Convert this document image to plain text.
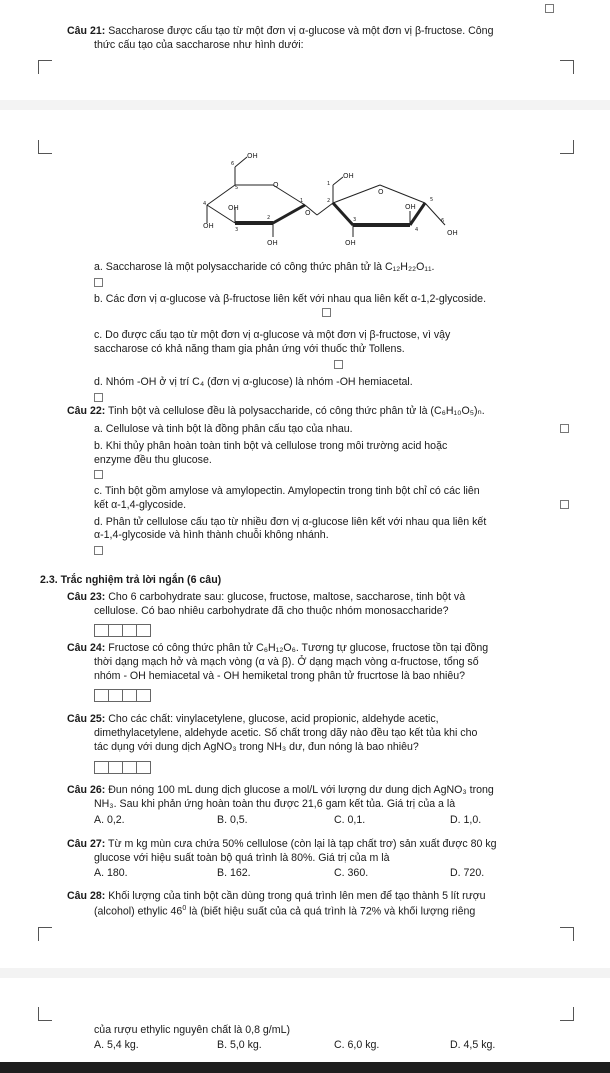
Câu 21: Saccharose được cấu tạo từ một đơn vị α-glucose và một đơn vị β-fructose. Công
thức cấu tạo của saccharose như hình dưới:
OH
OH
OH
OH
OH
OH
OH
OH
O
O
O
6
5
4
3
2
1
1
2
3
4
5
6
a. Saccharose là một polysaccharide có công thức phân tử là C₁₂H₂₂O₁₁.
b. Các đơn vị α-glucose và β-fructose liên kết với nhau qua liên kết α-1,2-glycoside.
c. Do được cấu tạo từ một đơn vị α-glucose và một đơn vị β-fructose, vì vậy
saccharose có khả năng tham gia phản ứng với thuốc thử Tollens.
d. Nhóm -OH ở vị trí C₄ (đơn vị α-glucose) là nhóm -OH hemiacetal.
Câu 22: Tinh bột và cellulose đều là polysaccharide, có công thức phân tử là (C₆H₁₀O₅)ₙ.
a. Cellulose và tinh bột là đồng phân cấu tạo của nhau.
b. Khi thủy phân hoàn toàn tinh bột và cellulose trong môi trường acid hoặc
enzyme đều thu glucose.
c. Tinh bột gồm amylose và amylopectin. Amylopectin trong tinh bột chỉ có các liên
kết α-1,4-glycoside.
d. Phân tử cellulose cấu tạo từ nhiều đơn vị α-glucose liên kết với nhau qua liên kết
α-1,4-glycoside và hình thành chuỗi không nhánh.
2.3. Trắc nghiệm trả lời ngắn (6 câu)
Câu 23: Cho 6 carbohydrate sau: glucose, fructose, maltose, saccharose, tinh bột và
cellulose. Có bao nhiêu carbohydrate đã cho thuộc nhóm monosaccharide?
Câu 24: Fructose có công thức phân tử C₆H₁₂O₆. Tương tự glucose, fructose tồn tại đồng
thời dạng mạch hở và mạch vòng (α và β). Ở dạng mạch vòng α-fructose, tổng số
nhóm - OH hemiacetal và - OH hemiketal trong phân tử frucrtose là bao nhiêu?
Câu 25: Cho các chất: vinylacetylene, glucose, acid propionic, aldehyde acetic,
dimethylacetylene, aldehyde acetic. Số chất trong dãy nào đều tạo kết tủa khi cho
tác dụng với dung dịch AgNO₃ trong NH₃ dư, đun nóng là bao nhiêu?
Câu 26: Đun nóng 100 mL dung dịch glucose a mol/L với lượng dư dung dịch AgNO₃ trong
NH₃. Sau khi phản ứng hoàn toàn thu được 21,6 gam kết tủa. Giá trị của a là
A. 0,2.	B. 0,5.	C. 0,1.	D. 1,0.
Câu 27: Từ m kg mùn cưa chứa 50% cellulose (còn lại là tạp chất trơ) sản xuất được 80 kg
glucose với hiệu suất toàn bộ quá trình là 80%. Giá trị của m là
A. 180.	B. 162.	C. 360.	D. 720.
Câu 28: Khối lượng của tinh bột cần dùng trong quá trình lên men để tạo thành 5 lít rượu
(alcohol) ethylic $46^0$ là (biết hiệu suất của cả quá trình là 72% và khối lượng riêng
của rượu ethylic nguyên chất là 0,8 g/mL)
A. 5,4 kg.	B. 5,0 kg.	C. 6,0 kg.	D. 4,5 kg.
